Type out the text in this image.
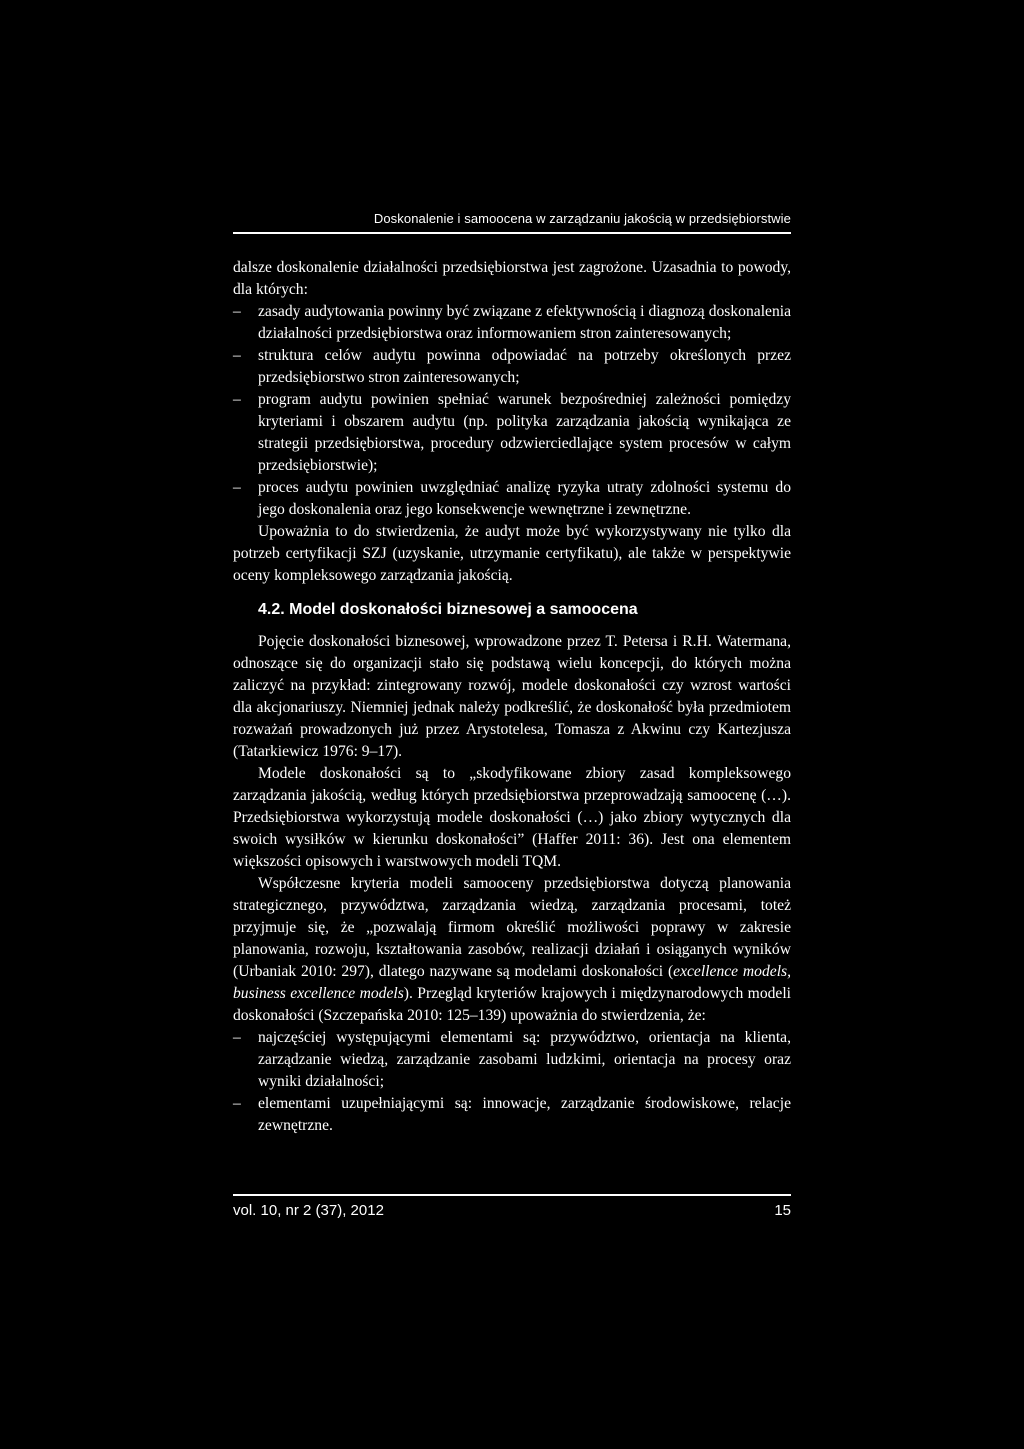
Doskonalenie i samoocena w zarządzaniu jakością w przedsiębiorstwie

dalsze doskonalenie działalności przedsiębiorstwa jest zagrożone. Uzasadnia to powody, dla których:

– zasady audytowania powinny być związane z efektywnością i diagnozą doskonalenia działalności przedsiębiorstwa oraz informowaniem stron zainteresowanych;
– struktura celów audytu powinna odpowiadać na potrzeby określonych przez przedsiębiorstwo stron zainteresowanych;
– program audytu powinien spełniać warunek bezpośredniej zależności pomiędzy kryteriami i obszarem audytu (np. polityka zarządzania jakością wynikająca ze strategii przedsiębiorstwa, procedury odzwierciedlające system procesów w całym przedsiębiorstwie);
– proces audytu powinien uwzględniać analizę ryzyka utraty zdolności systemu do jego doskonalenia oraz jego konsekwencje wewnętrzne i zewnętrzne.

Upoważnia to do stwierdzenia, że audyt może być wykorzystywany nie tylko dla potrzeb certyfikacji SZJ (uzyskanie, utrzymanie certyfikatu), ale także w perspektywie oceny kompleksowego zarządzania jakością.

4.2. Model doskonałości biznesowej a samoocena

Pojęcie doskonałości biznesowej, wprowadzone przez T. Petersa i R.H. Watermana, odnoszące się do organizacji stało się podstawą wielu koncepcji, do których można zaliczyć na przykład: zintegrowany rozwój, modele doskonałości czy wzrost wartości dla akcjonariuszy. Niemniej jednak należy podkreślić, że doskonałość była przedmiotem rozważań prowadzonych już przez Arystotelesa, Tomasza z Akwinu czy Kartezjusza (Tatarkiewicz 1976: 9–17).

Modele doskonałości są to „skodyfikowane zbiory zasad kompleksowego zarządzania jakością, według których przedsiębiorstwa przeprowadzają samoocenę (…). Przedsiębiorstwa wykorzystują modele doskonałości (…) jako zbiory wytycznych dla swoich wysiłków w kierunku doskonałości” (Haffer 2011: 36). Jest ona elementem większości opisowych i warstwowych modeli TQM.

Współczesne kryteria modeli samooceny przedsiębiorstwa dotyczą planowania strategicznego, przywództwa, zarządzania wiedzą, zarządzania procesami, toteż przyjmuje się, że „pozwalają firmom określić możliwości poprawy w zakresie planowania, rozwoju, kształtowania zasobów, realizacji działań i osiąganych wyników (Urbaniak 2010: 297), dlatego nazywane są modelami doskonałości (excellence models, business excellence models). Przegląd kryteriów krajowych i międzynarodowych modeli doskonałości (Szczepańska 2010: 125–139) upoważnia do stwierdzenia, że:

– najczęściej występującymi elementami są: przywództwo, orientacja na klienta, zarządzanie wiedzą, zarządzanie zasobami ludzkimi, orientacja na procesy oraz wyniki działalności;
– elementami uzupełniającymi są: innowacje, zarządzanie środowiskowe, relacje zewnętrzne.
vol. 10, nr 2 (37), 2012	15
